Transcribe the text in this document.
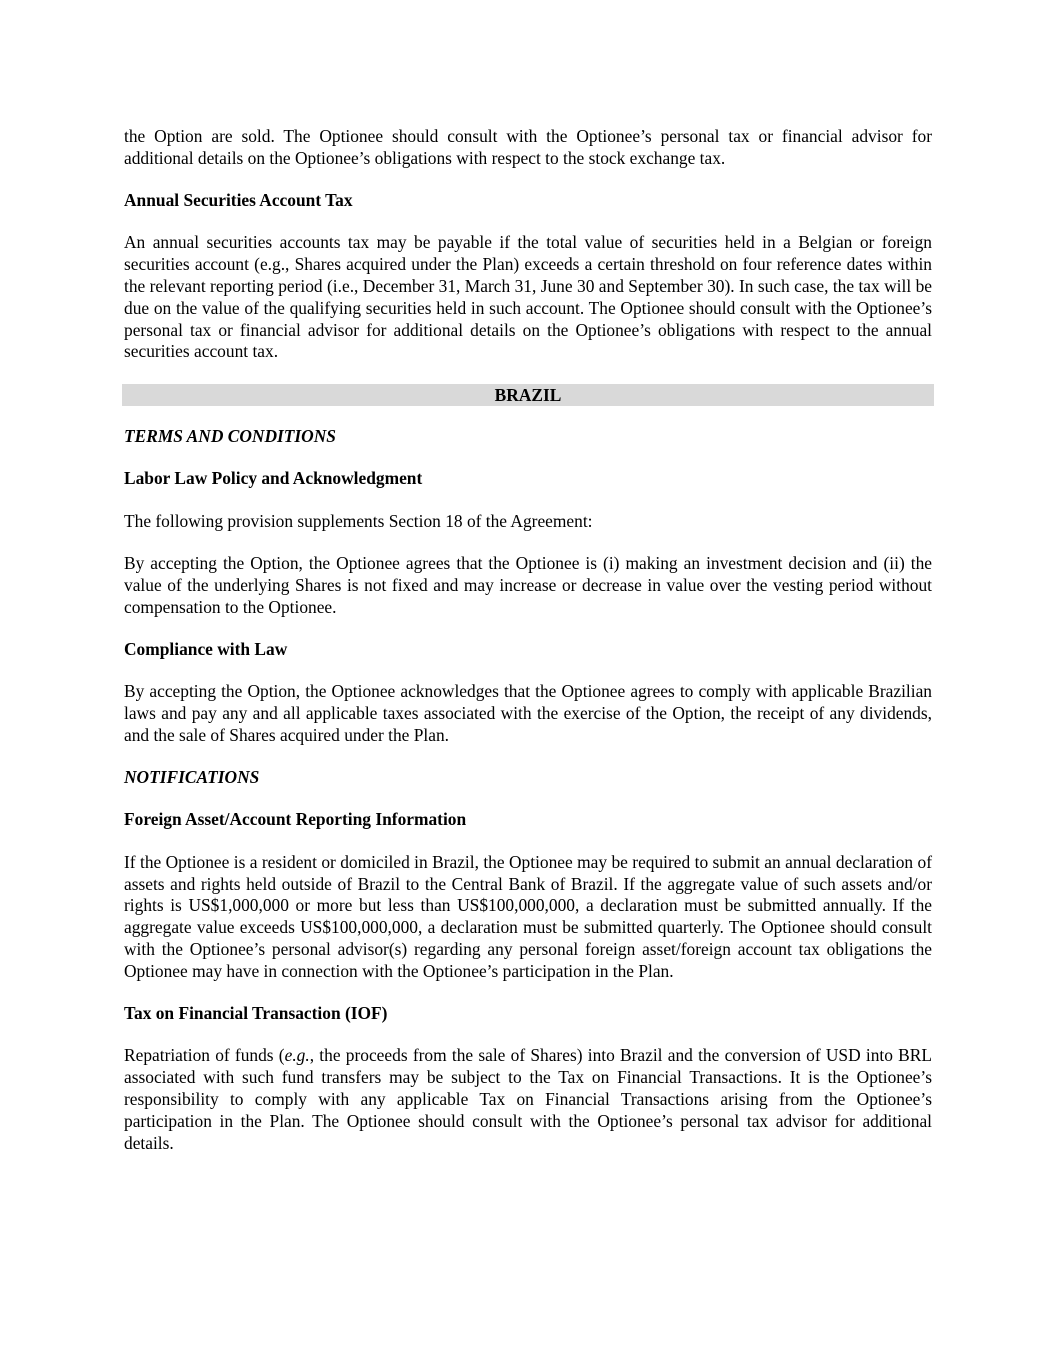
the Option are sold. The Optionee should consult with the Optionee’s personal tax or financial advisor for additional details on the Optionee’s obligations with respect to the stock exchange tax.

Annual Securities Account Tax

An annual securities accounts tax may be payable if the total value of securities held in a Belgian or foreign securities account (e.g., Shares acquired under the Plan) exceeds a certain threshold on four reference dates within the relevant reporting period (i.e., December 31, March 31, June 30 and September 30). In such case, the tax will be due on the value of the qualifying securities held in such account. The Optionee should consult with the Optionee’s personal tax or financial advisor for additional details on the Optionee’s obligations with respect to the annual securities account tax.

BRAZIL
TERMS AND CONDITIONS
Labor Law Policy and Acknowledgment

The following provision supplements Section 18 of the Agreement:

By accepting the Option, the Optionee agrees that the Optionee is (i) making an investment decision and (ii) the value of the underlying Shares is not fixed and may increase or decrease in value over the vesting period without compensation to the Optionee.

Compliance with Law

By accepting the Option, the Optionee acknowledges that the Optionee agrees to comply with applicable Brazilian laws and pay any and all applicable taxes associated with the exercise of the Option, the receipt of any dividends, and the sale of Shares acquired under the Plan.

NOTIFICATIONS
Foreign Asset/Account Reporting Information

If the Optionee is a resident or domiciled in Brazil, the Optionee may be required to submit an annual declaration of assets and rights held outside of Brazil to the Central Bank of Brazil. If the aggregate value of such assets and/or rights is US$1,000,000 or more but less than US$100,000,000, a declaration must be submitted annually. If the aggregate value exceeds US$100,000,000, a declaration must be submitted quarterly. The Optionee should consult with the Optionee’s personal advisor(s) regarding any personal foreign asset/foreign account tax obligations the Optionee may have in connection with the Optionee’s participation in the Plan.

Tax on Financial Transaction (IOF)

Repatriation of funds (e.g., the proceeds from the sale of Shares) into Brazil and the conversion of USD into BRL associated with such fund transfers may be subject to the Tax on Financial Transactions. It is the Optionee’s responsibility to comply with any applicable Tax on Financial Transactions arising from the Optionee’s participation in the Plan. The Optionee should consult with the Optionee’s personal tax advisor for additional details.
